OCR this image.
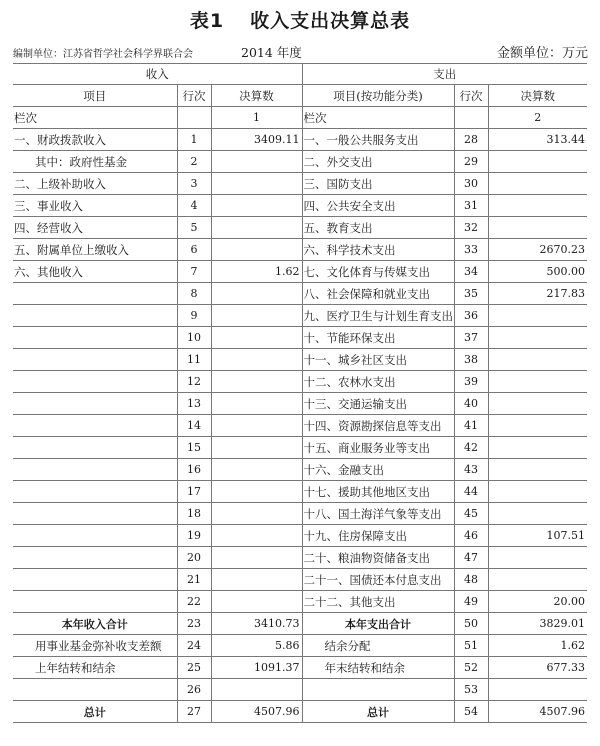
表1 收入支出决算总表
编制单位：江苏省哲学社会科学界联合会	2014 年度	金额单位：万元
收入			支出		
项目	行次	决算数	项目(按功能分类)	行次	决算数
栏次		1	栏次		2
一、财政拨款收入	1	3409.11	一、一般公共服务支出	28	313.44
其中：政府性基金	2		二、外交支出	29	
二、上级补助收入	3		三、国防支出	30	
三、事业收入	4		四、公共安全支出	31	
四、经营收入	5		五、教育支出	32	
五、附属单位上缴收入	6		六、科学技术支出	33	2670.23
六、其他收入	7	1.62	七、文化体育与传媒支出	34	500.00
	8		八、社会保障和就业支出	35	217.83
	9		九、医疗卫生与计划生育支出	36	
	10		十、节能环保支出	37	
	11		十一、城乡社区支出	38	
	12		十二、农林水支出	39	
	13		十三、交通运输支出	40	
	14		十四、资源勘探信息等支出	41	
	15		十五、商业服务业等支出	42	
	16		十六、金融支出	43	
	17		十七、援助其他地区支出	44	
	18		十八、国土海洋气象等支出	45	
	19		十九、住房保障支出	46	107.51
	20		二十、粮油物资储备支出	47	
	21		二十一、国债还本付息支出	48	
	22		二十二、其他支出	49	20.00
本年收入合计	23	3410.73	本年支出合计	50	3829.01
用事业基金弥补收支差额	24	5.86	结余分配	51	1.62
上年结转和结余	25	1091.37	年末结转和结余	52	677.33
	26			53	
总计	27	4507.96	总计	54	4507.96
